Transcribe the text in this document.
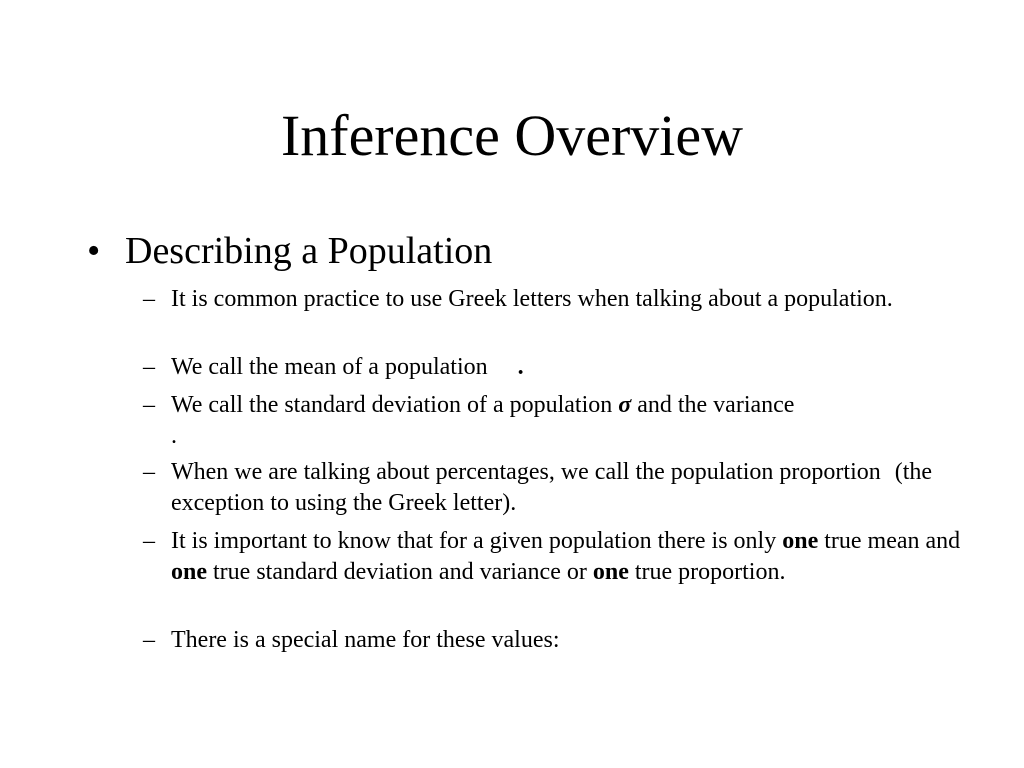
Inference Overview
• Describing a Population
– It is common practice to use Greek letters when talking about a population.
– We call the mean of a population .
– We call the standard deviation of a population σ and the variance
.
– When we are talking about percentages, we call the population proportion (the exception to using the Greek letter).
– It is important to know that for a given population there is only one true mean and one true standard deviation and variance or one true proportion.
– There is a special name for these values:
